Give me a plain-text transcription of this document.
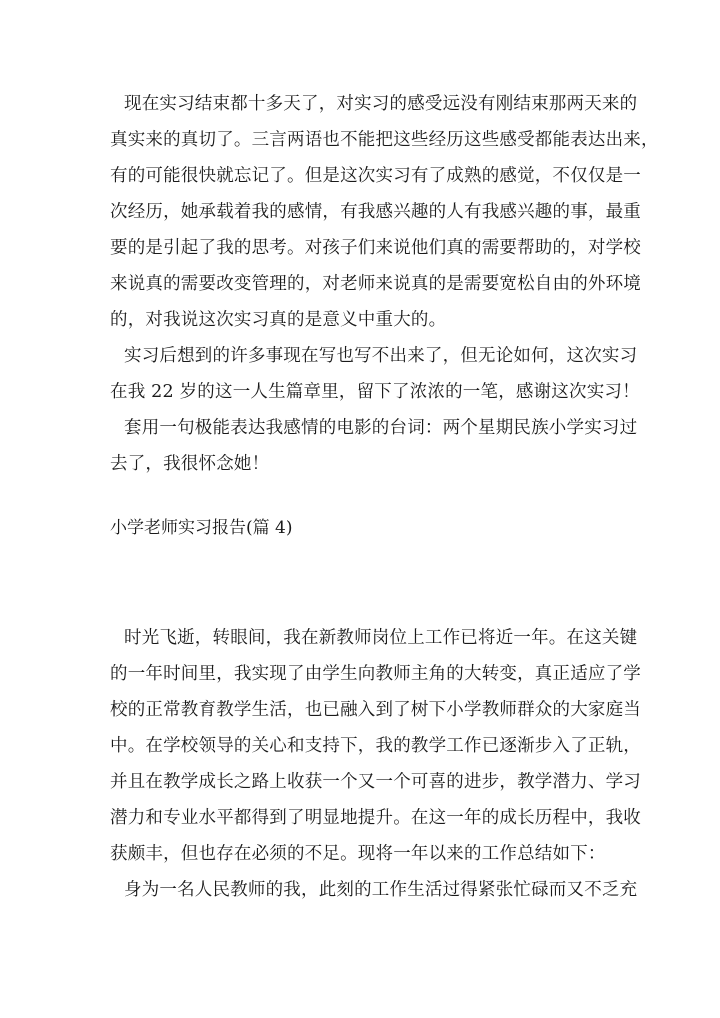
现在实习结束都十多天了，对实习的感受远没有刚结束那两天来的
真实来的真切了。三言两语也不能把这些经历这些感受都能表达出来，
有的可能很快就忘记了。但是这次实习有了成熟的感觉，不仅仅是一
次经历，她承载着我的感情，有我感兴趣的人有我感兴趣的事，最重
要的是引起了我的思考。对孩子们来说他们真的需要帮助的，对学校
来说真的需要改变管理的，对老师来说真的是需要宽松自由的外环境
的，对我说这次实习真的是意义中重大的。
实习后想到的许多事现在写也写不出来了，但无论如何，这次实习
在我 22 岁的这一人生篇章里，留下了浓浓的一笔，感谢这次实习！
套用一句极能表达我感情的电影的台词：两个星期民族小学实习过
去了，我很怀念她！
小学老师实习报告(篇 4)
时光飞逝，转眼间，我在新教师岗位上工作已将近一年。在这关键
的一年时间里，我实现了由学生向教师主角的大转变，真正适应了学
校的正常教育教学生活，也已融入到了树下小学教师群众的大家庭当
中。在学校领导的关心和支持下，我的教学工作已逐渐步入了正轨，
并且在教学成长之路上收获一个又一个可喜的进步，教学潜力、学习
潜力和专业水平都得到了明显地提升。在这一年的成长历程中，我收
获颇丰，但也存在必须的不足。现将一年以来的工作总结如下：
身为一名人民教师的我，此刻的工作生活过得紧张忙碌而又不乏充
